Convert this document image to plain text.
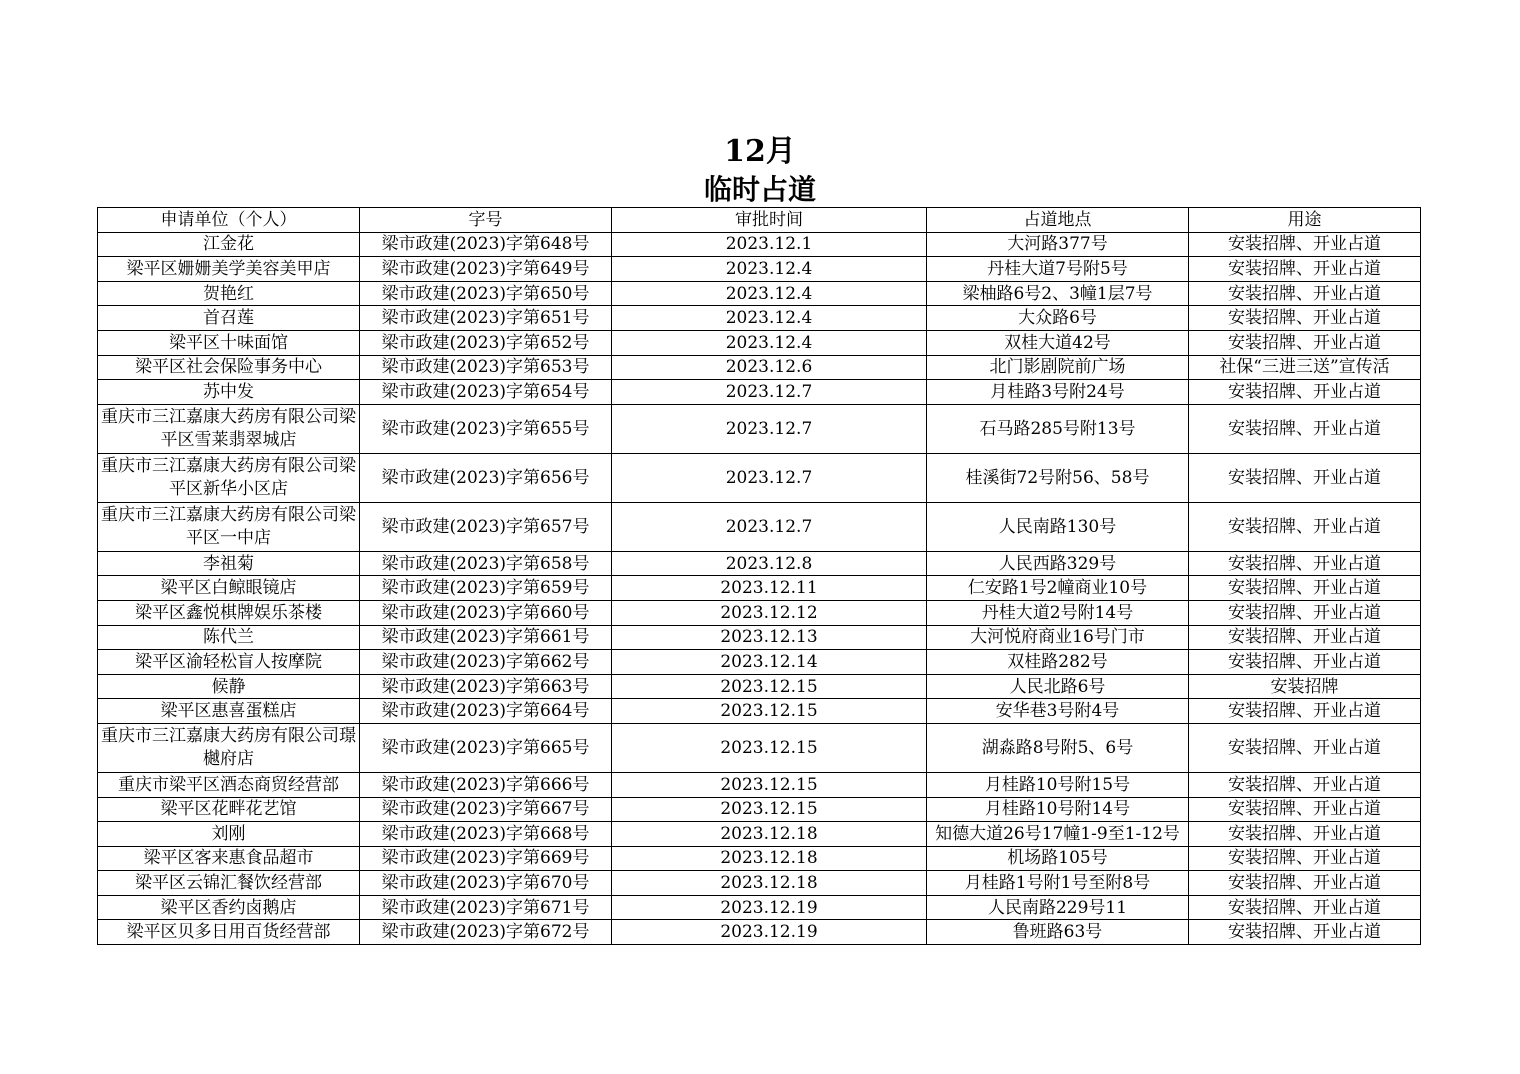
12月
临时占道
申请单位（个人）	字号	审批时间	占道地点	用途
江金花	梁市政建(2023)字第648号	2023.12.1	大河路377号	安装招牌、开业占道
梁平区姗姗美学美容美甲店	梁市政建(2023)字第649号	2023.12.4	丹桂大道7号附5号	安装招牌、开业占道
贺艳红	梁市政建(2023)字第650号	2023.12.4	梁柚路6号2、3幢1层7号	安装招牌、开业占道
首召莲	梁市政建(2023)字第651号	2023.12.4	大众路6号	安装招牌、开业占道
梁平区十味面馆	梁市政建(2023)字第652号	2023.12.4	双桂大道42号	安装招牌、开业占道
梁平区社会保险事务中心	梁市政建(2023)字第653号	2023.12.6	北门影剧院前广场	社保“三进三送”宣传活
苏中发	梁市政建(2023)字第654号	2023.12.7	月桂路3号附24号	安装招牌、开业占道
重庆市三江嘉康大药房有限公司梁平区雪莱翡翠城店	梁市政建(2023)字第655号	2023.12.7	石马路285号附13号	安装招牌、开业占道
重庆市三江嘉康大药房有限公司梁平区新华小区店	梁市政建(2023)字第656号	2023.12.7	桂溪街72号附56、58号	安装招牌、开业占道
重庆市三江嘉康大药房有限公司梁平区一中店	梁市政建(2023)字第657号	2023.12.7	人民南路130号	安装招牌、开业占道
李祖菊	梁市政建(2023)字第658号	2023.12.8	人民西路329号	安装招牌、开业占道
梁平区白鲸眼镜店	梁市政建(2023)字第659号	2023.12.11	仁安路1号2幢商业10号	安装招牌、开业占道
梁平区鑫悦棋牌娱乐茶楼	梁市政建(2023)字第660号	2023.12.12	丹桂大道2号附14号	安装招牌、开业占道
陈代兰	梁市政建(2023)字第661号	2023.12.13	大河悦府商业16号门市	安装招牌、开业占道
梁平区渝轻松盲人按摩院	梁市政建(2023)字第662号	2023.12.14	双桂路282号	安装招牌、开业占道
候静	梁市政建(2023)字第663号	2023.12.15	人民北路6号	安装招牌
梁平区惠喜蛋糕店	梁市政建(2023)字第664号	2023.12.15	安华巷3号附4号	安装招牌、开业占道
重庆市三江嘉康大药房有限公司璟樾府店	梁市政建(2023)字第665号	2023.12.15	湖淼路8号附5、6号	安装招牌、开业占道
重庆市梁平区酒态商贸经营部	梁市政建(2023)字第666号	2023.12.15	月桂路10号附15号	安装招牌、开业占道
梁平区花畔花艺馆	梁市政建(2023)字第667号	2023.12.15	月桂路10号附14号	安装招牌、开业占道
刘刚	梁市政建(2023)字第668号	2023.12.18	知德大道26号17幢1-9至1-12号	安装招牌、开业占道
梁平区客来惠食品超市	梁市政建(2023)字第669号	2023.12.18	机场路105号	安装招牌、开业占道
梁平区云锦汇餐饮经营部	梁市政建(2023)字第670号	2023.12.18	月桂路1号附1号至附8号	安装招牌、开业占道
梁平区香约卤鹅店	梁市政建(2023)字第671号	2023.12.19	人民南路229号11	安装招牌、开业占道
梁平区贝多日用百货经营部	梁市政建(2023)字第672号	2023.12.19	鲁班路63号	安装招牌、开业占道
